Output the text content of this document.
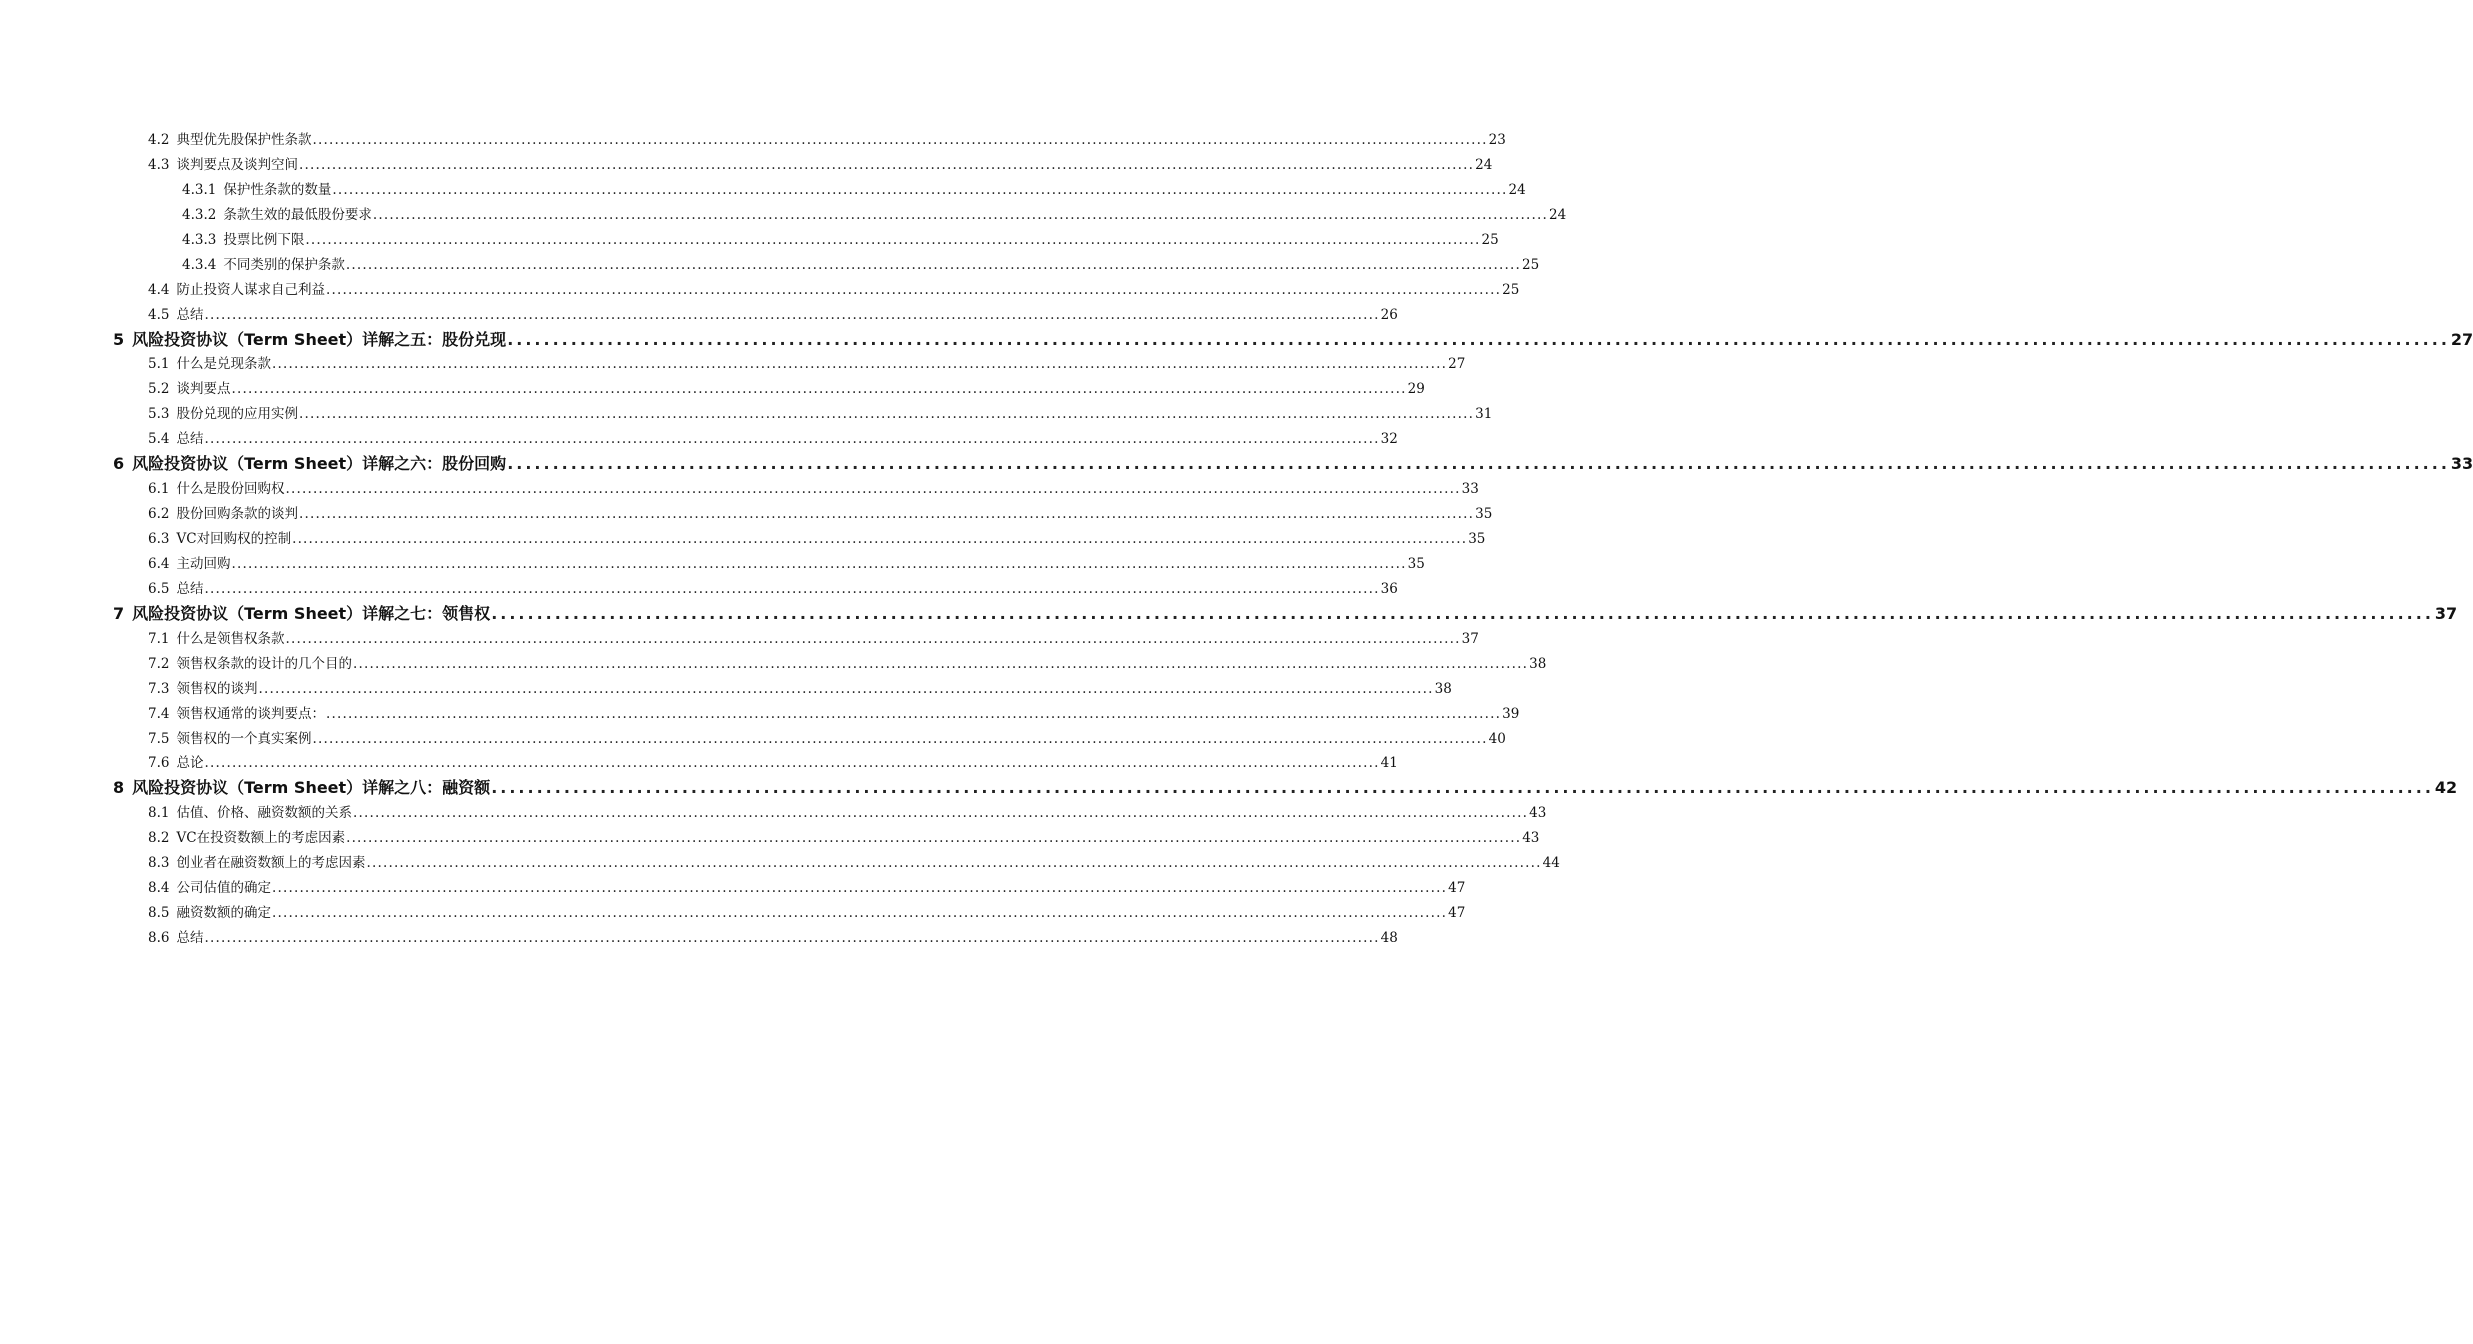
4.2 典型优先股保护性条款 ...................................................................................................................................................................................................................... 23
4.3 谈判要点及谈判空间 ...................................................................................................................................................................................................................... 24
4.3.1 保护性条款的数量 ...................................................................................................................................................................................................................... 24
4.3.2 条款生效的最低股份要求 ...................................................................................................................................................................................................................... 24
4.3.3 投票比例下限 ...................................................................................................................................................................................................................... 25
4.3.4 不同类别的保护条款 ...................................................................................................................................................................................................................... 25
4.4 防止投资人谋求自己利益 ...................................................................................................................................................................................................................... 25
4.5 总结 ...................................................................................................................................................................................................................... 26
5 风险投资协议（Term Sheet）详解之五：股份兑现 ...................................................................................................................................................................................................................... 27
5.1 什么是兑现条款 ...................................................................................................................................................................................................................... 27
5.2 谈判要点 ...................................................................................................................................................................................................................... 29
5.3 股份兑现的应用实例 ...................................................................................................................................................................................................................... 31
5.4 总结 ...................................................................................................................................................................................................................... 32
6 风险投资协议（Term Sheet）详解之六：股份回购 ...................................................................................................................................................................................................................... 33
6.1 什么是股份回购权 ...................................................................................................................................................................................................................... 33
6.2 股份回购条款的谈判 ...................................................................................................................................................................................................................... 35
6.3 VC对回购权的控制 ...................................................................................................................................................................................................................... 35
6.4 主动回购 ...................................................................................................................................................................................................................... 35
6.5 总结 ...................................................................................................................................................................................................................... 36
7 风险投资协议（Term Sheet）详解之七：领售权 ...................................................................................................................................................................................................................... 37
7.1 什么是领售权条款 ...................................................................................................................................................................................................................... 37
7.2 领售权条款的设计的几个目的 ...................................................................................................................................................................................................................... 38
7.3 领售权的谈判 ...................................................................................................................................................................................................................... 38
7.4 领售权通常的谈判要点： ...................................................................................................................................................................................................................... 39
7.5 领售权的一个真实案例 ...................................................................................................................................................................................................................... 40
7.6 总论 ...................................................................................................................................................................................................................... 41
8 风险投资协议（Term Sheet）详解之八：融资额 ...................................................................................................................................................................................................................... 42
8.1 估值、价格、融资数额的关系 ...................................................................................................................................................................................................................... 43
8.2 VC在投资数额上的考虑因素 ...................................................................................................................................................................................................................... 43
8.3 创业者在融资数额上的考虑因素 ...................................................................................................................................................................................................................... 44
8.4 公司估值的确定 ...................................................................................................................................................................................................................... 47
8.5 融资数额的确定 ...................................................................................................................................................................................................................... 47
8.6 总结 ...................................................................................................................................................................................................................... 48
